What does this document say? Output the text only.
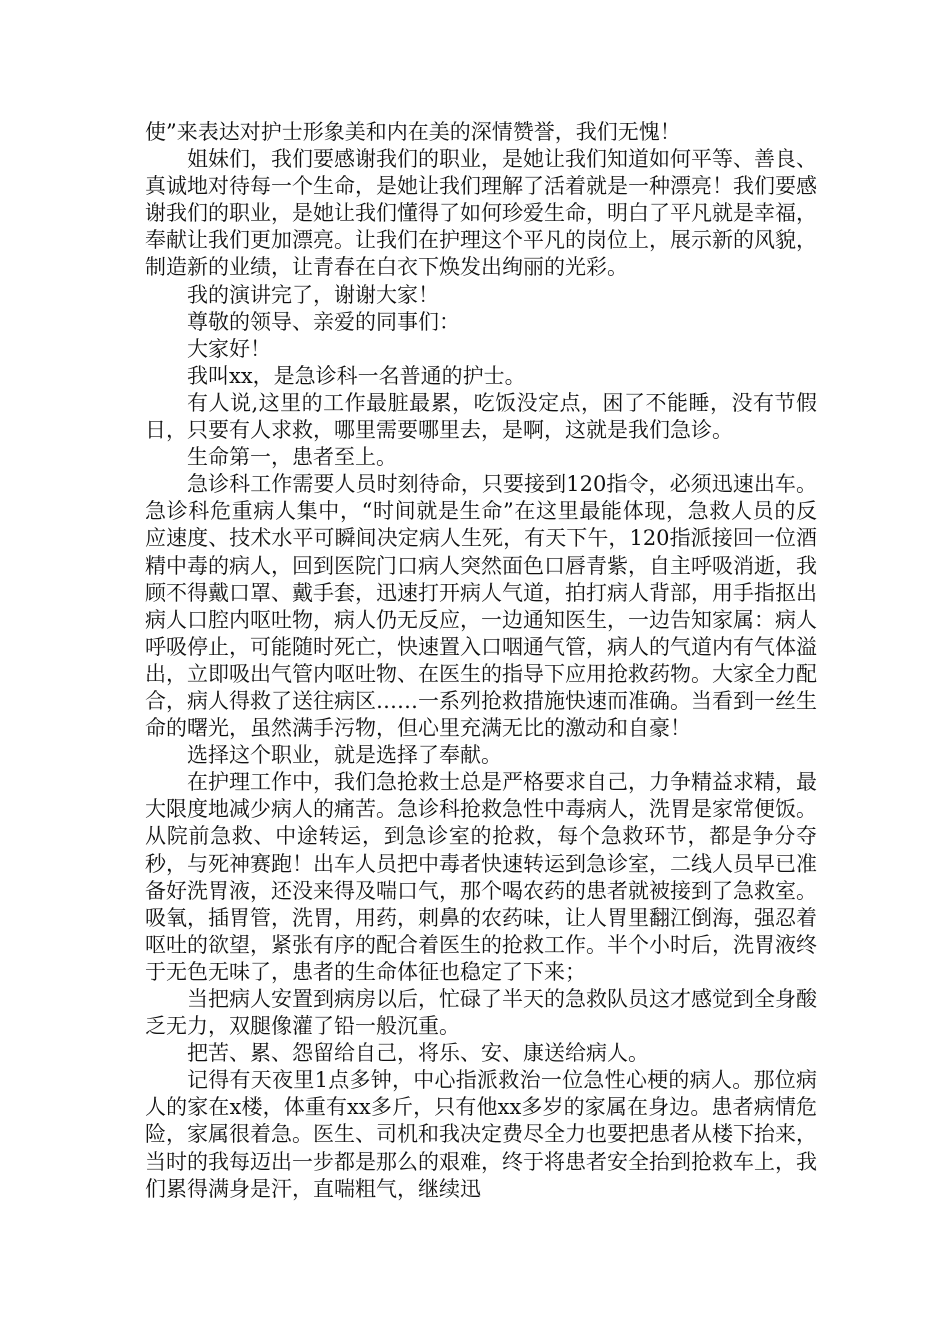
使”来表达对护士形象美和内在美的深情赞誉，我们无愧！

姐妹们，我们要感谢我们的职业，是她让我们知道如何平等、善良、真诚地对待每一个生命，是她让我们理解了活着就是一种漂亮！我们要感谢我们的职业，是她让我们懂得了如何珍爱生命，明白了平凡就是幸福，奉献让我们更加漂亮。让我们在护理这个平凡的岗位上，展示新的风貌，制造新的业绩，让青春在白衣下焕发出绚丽的光彩。

我的演讲完了，谢谢大家！

尊敬的领导、亲爱的同事们：

大家好！

我叫xx，是急诊科一名普通的护士。

有人说,这里的工作最脏最累，吃饭没定点，困了不能睡，没有节假日，只要有人求救，哪里需要哪里去，是啊，这就是我们急诊。

生命第一，患者至上。

急诊科工作需要人员时刻待命，只要接到120指令，必须迅速出车。急诊科危重病人集中，“时间就是生命”在这里最能体现，急救人员的反应速度、技术水平可瞬间决定病人生死，有天下午，120指派接回一位酒精中毒的病人，回到医院门口病人突然面色口唇青紫，自主呼吸消逝，我顾不得戴口罩、戴手套，迅速打开病人气道，拍打病人背部，用手指抠出病人口腔内呕吐物，病人仍无反应，一边通知医生，一边告知家属：病人呼吸停止，可能随时死亡，快速置入口咽通气管，病人的气道内有气体溢出，立即吸出气管内呕吐物、在医生的指导下应用抢救药物。大家全力配合，病人得救了送往病区……一系列抢救措施快速而准确。当看到一丝生命的曙光，虽然满手污物，但心里充满无比的激动和自豪！

选择这个职业，就是选择了奉献。

在护理工作中，我们急抢救士总是严格要求自己，力争精益求精，最大限度地减少病人的痛苦。急诊科抢救急性中毒病人，洗胃是家常便饭。从院前急救、中途转运，到急诊室的抢救，每个急救环节，都是争分夺秒，与死神赛跑！出车人员把中毒者快速转运到急诊室，二线人员早已准备好洗胃液，还没来得及喘口气，那个喝农药的患者就被接到了急救室。吸氧，插胃管，洗胃，用药，刺鼻的农药味，让人胃里翻江倒海，强忍着呕吐的欲望，紧张有序的配合着医生的抢救工作。半个小时后，洗胃液终于无色无味了，患者的生命体征也稳定了下来；

当把病人安置到病房以后，忙碌了半天的急救队员这才感觉到全身酸乏无力，双腿像灌了铅一般沉重。

把苦、累、怨留给自己，将乐、安、康送给病人。

记得有天夜里1点多钟，中心指派救治一位急性心梗的病人。那位病人的家在x楼，体重有xx多斤，只有他xx多岁的家属在身边。患者病情危险，家属很着急。医生、司机和我决定费尽全力也要把患者从楼下抬来，当时的我每迈出一步都是那么的艰难，终于将患者安全抬到抢救车上，我们累得满身是汗，直喘粗气，继续迅
